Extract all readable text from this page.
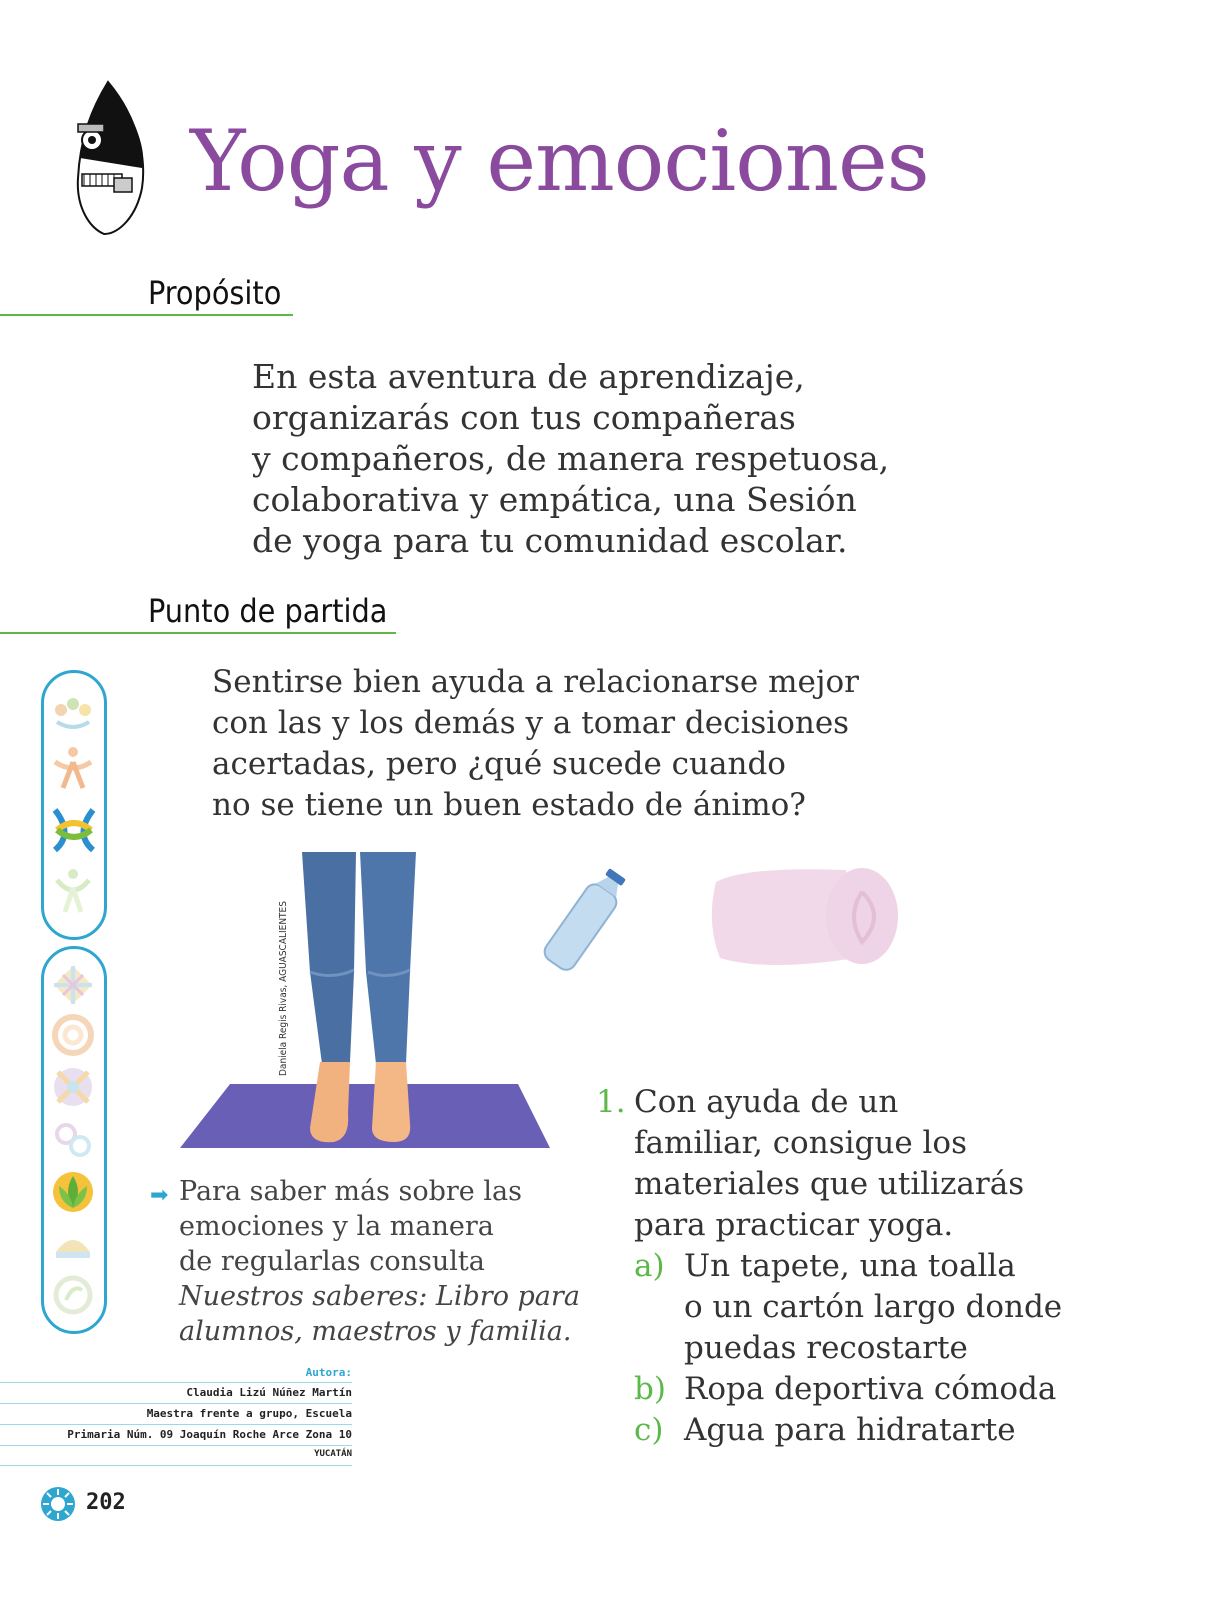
Yoga y emociones
Propósito
En esta aventura de aprendizaje,
organizarás con tus compañeras
y compañeros, de manera respetuosa,
colaborativa y empática, una Sesión
de yoga para tu comunidad escolar.
Punto de partida
Sentirse bien ayuda a relacionarse mejor
con las y los demás y a tomar decisiones
acertadas, pero ¿qué sucede cuando
no se tiene un buen estado de ánimo?
Daniela Regis Rivas, AGUASCALIENTES
➡ Para saber más sobre las
emociones y la manera
de regularlas consulta
Nuestros saberes: Libro para
alumnos, maestros y familia.
Autora:
Claudia Lizú Núñez Martín
Maestra frente a grupo, Escuela
Primaria Núm. 09 Joaquín Roche Arce Zona 10
YUCATÁN
1. Con ayuda de un
familiar, consigue los
materiales que utilizarás
para practicar yoga.
a) Un tapete, una toalla
o un cartón largo donde
puedas recostarte
b) Ropa deportiva cómoda
c) Agua para hidratarte
202
